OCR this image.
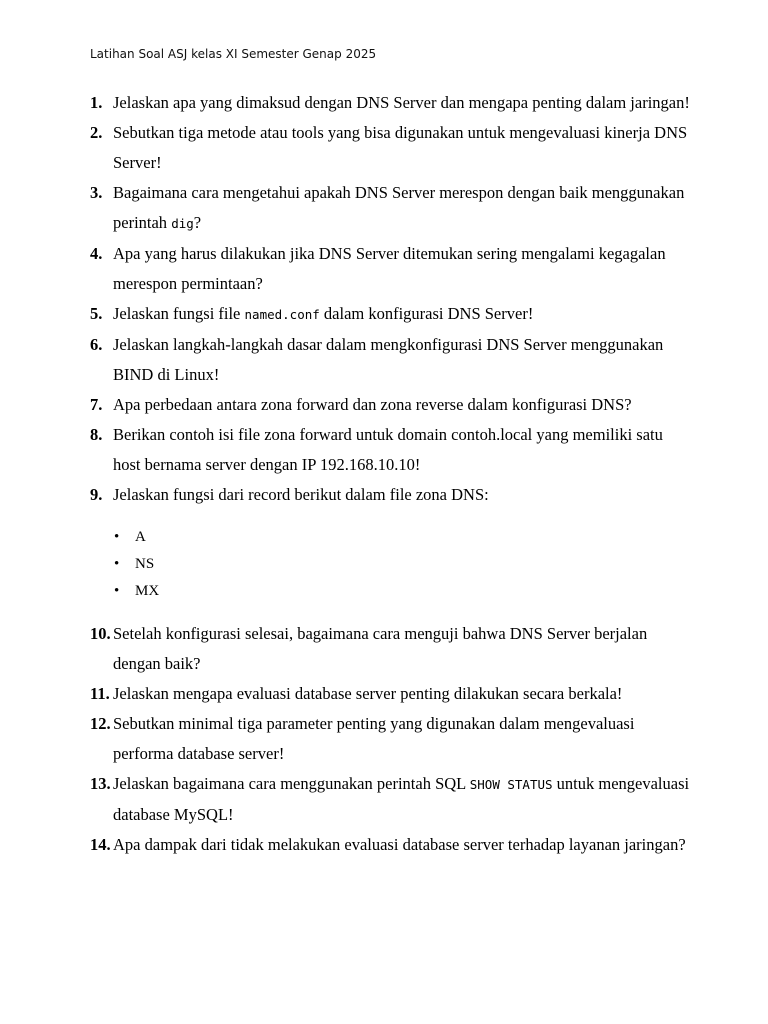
Latihan Soal ASJ kelas XI Semester Genap 2025
1. Jelaskan apa yang dimaksud dengan DNS Server dan mengapa penting dalam jaringan!
2. Sebutkan tiga metode atau tools yang bisa digunakan untuk mengevaluasi kinerja DNS Server!
3. Bagaimana cara mengetahui apakah DNS Server merespon dengan baik menggunakan perintah dig?
4. Apa yang harus dilakukan jika DNS Server ditemukan sering mengalami kegagalan merespon permintaan?
5. Jelaskan fungsi file named.conf dalam konfigurasi DNS Server!
6. Jelaskan langkah-langkah dasar dalam mengkonfigurasi DNS Server menggunakan BIND di Linux!
7. Apa perbedaan antara zona forward dan zona reverse dalam konfigurasi DNS?
8. Berikan contoh isi file zona forward untuk domain contoh.local yang memiliki satu host bernama server dengan IP 192.168.10.10!
9. Jelaskan fungsi dari record berikut dalam file zona DNS:
• A
• NS
• MX
10. Setelah konfigurasi selesai, bagaimana cara menguji bahwa DNS Server berjalan dengan baik?
11. Jelaskan mengapa evaluasi database server penting dilakukan secara berkala!
12. Sebutkan minimal tiga parameter penting yang digunakan dalam mengevaluasi performa database server!
13. Jelaskan bagaimana cara menggunakan perintah SQL SHOW STATUS untuk mengevaluasi database MySQL!
14. Apa dampak dari tidak melakukan evaluasi database server terhadap layanan jaringan?
